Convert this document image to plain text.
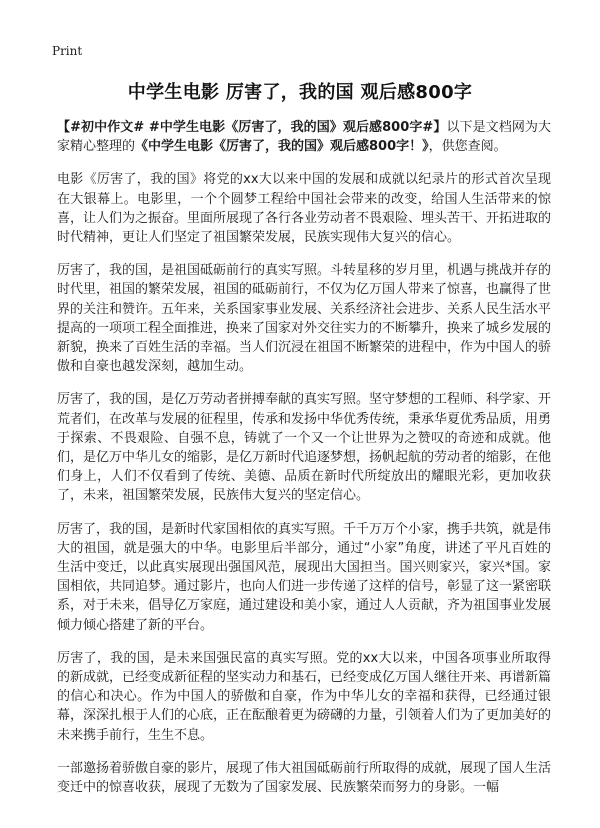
Print
中学生电影 厉害了，我的国 观后感800字

【#初中作文# #中学生电影《厉害了，我的国》观后感800字#】以下是文档网为大家精心整理的《中学生电影《厉害了，我的国》观后感800字！》，供您查阅。

电影《厉害了，我的国》将党的xx大以来中国的发展和成就以纪录片的形式首次呈现在大银幕上。电影里，一个个圆梦工程给中国社会带来的改变，给国人生活带来的惊喜，让人们为之振奋。里面所展现了各行各业劳动者不畏艰险、埋头苦干、开拓进取的时代精神，更让人们坚定了祖国繁荣发展，民族实现伟大复兴的信心。

厉害了，我的国，是祖国砥砺前行的真实写照。斗转星移的岁月里，机遇与挑战并存的时代里，祖国的繁荣发展，祖国的砥砺前行，不仅为亿万国人带来了惊喜，也赢得了世界的关注和赞许。五年来，关系国家事业发展、关系经济社会进步、关系人民生活水平提高的一项项工程全面推进，换来了国家对外交往实力的不断攀升，换来了城乡发展的新貌，换来了百姓生活的幸福。当人们沉浸在祖国不断繁荣的进程中，作为中国人的骄傲和自豪也越发深刻，越加生动。

厉害了，我的国，是亿万劳动者拼搏奉献的真实写照。坚守梦想的工程师、科学家、开荒者们，在改革与发展的征程里，传承和发扬中华优秀传统，秉承华夏优秀品质，用勇于探索、不畏艰险、自强不息，铸就了一个又一个让世界为之赞叹的奇迹和成就。他们，是亿万中华儿女的缩影，是亿万新时代追逐梦想，扬帆起航的劳动者的缩影，在他们身上，人们不仅看到了传统、美德、品质在新时代所绽放出的耀眼光彩，更加收获了，未来，祖国繁荣发展，民族伟大复兴的坚定信心。

厉害了，我的国，是新时代家国相依的真实写照。千千万万个小家，携手共筑，就是伟大的祖国，就是强大的中华。电影里后半部分，通过“小家”角度，讲述了平凡百姓的生活中变迁，以此真实展现出强国风范，展现出大国担当。国兴则家兴，家兴*国。家国相依，共同追梦。通过影片，也向人们进一步传递了这样的信号，彰显了这一紧密联系，对于未来，倡导亿万家庭，通过建设和美小家，通过人人贡献，齐为祖国事业发展倾力倾心搭建了新的平台。

厉害了，我的国，是未来国强民富的真实写照。党的xx大以来，中国各项事业所取得的新成就，已经变成新征程的坚实动力和基石，已经变成亿万国人继往开来、再谱新篇的信心和决心。作为中国人的骄傲和自豪，作为中华儿女的幸福和获得，已经通过银幕，深深扎根于人们的心底，正在酝酿着更为磅礴的力量，引领着人们为了更加美好的未来携手前行，生生不息。

一部邀扬着骄傲自豪的影片，展现了伟大祖国砥砺前行所取得的成就，展现了国人生活变迁中的惊喜收获，展现了无数为了国家发展、民族繁荣而努力的身影。一幅
